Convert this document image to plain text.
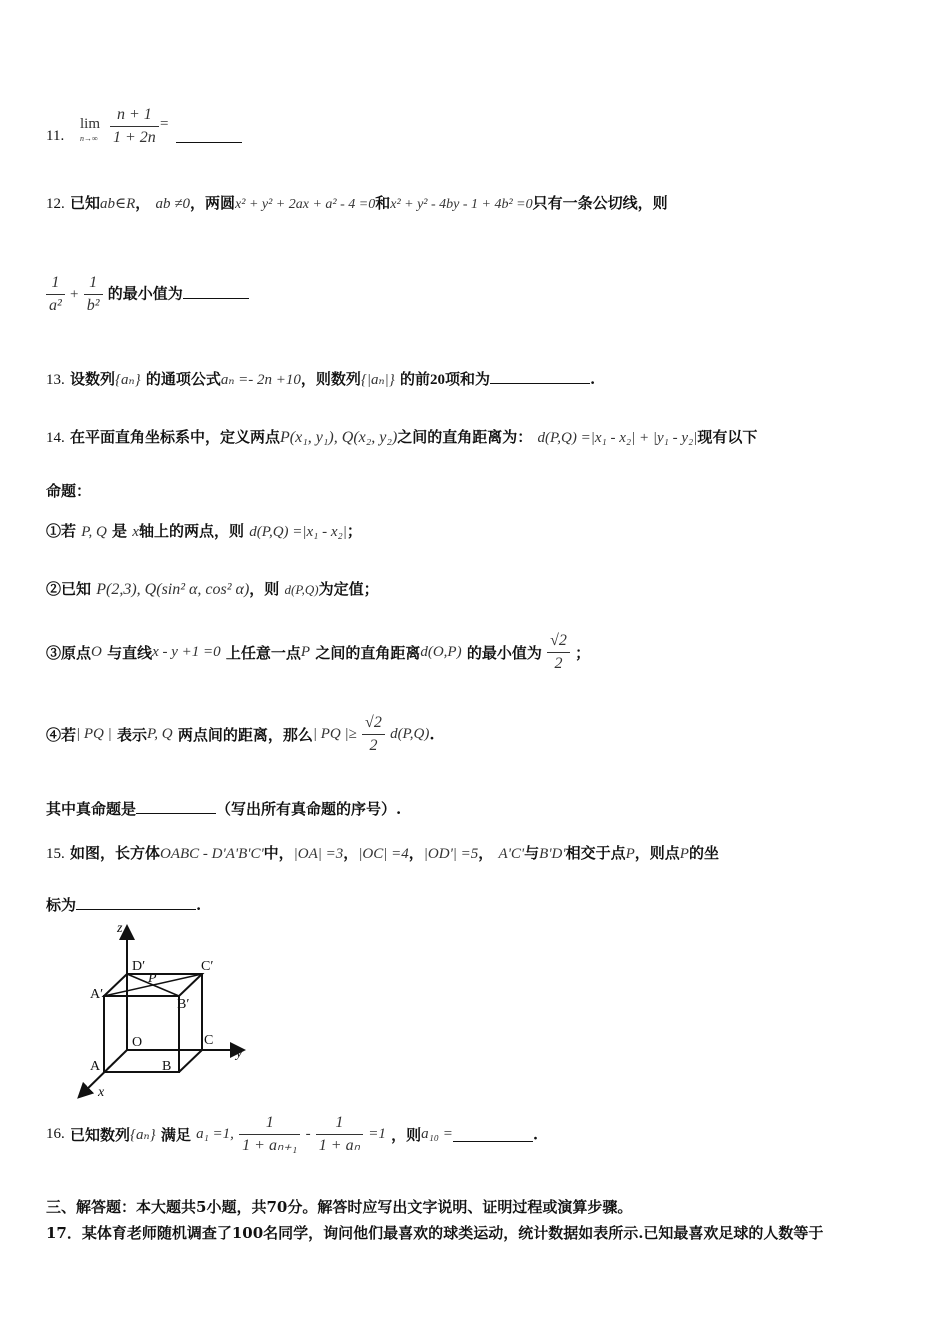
11.
lim
$n\to\infty \frac{n + 1}{1 + 2n}$ =
12. 已知ab∈R， ab ≠0，两圆x² + y² + 2ax + a² - 4 =0和x² + y² - 4by - 1 + 4b² =0只有一条公切线，则
$\frac{1}{\text{a²}} + \frac{1}{\text{b²}}$ 的最小值为
13. 设数列{aₙ} 的通项公式aₙ =- 2n +10，则数列{|aₙ|} 的前20项和为	.
14. 在平面直角坐标系中，定义两点P(x₁, y₁), Q(x₂, y₂)之间的直角距离为： d(P,Q) =|x₁ - x₂| + |y₁ - y₂|现有以下
命题：
①若 P, Q 是 x轴上的两点，则 d(P,Q) =|x₁ - x₂|；
②已知 P(2,3), Q(sin² α, cos² α)，则 d(P,Q)为定值；
③原点O 与直线x - y +1 =0 上任意一点P 之间的直角距离d(O,P) 的最小值为 $\frac{√2}{2}$ ；
④若| PQ | 表示P, Q 两点间的距离，那么| PQ |≥ $\frac{√2}{2} d(P,Q)$.
其中真命题是	（写出所有真命题的序号）.
15. 如图，长方体OABC - D'A'B'C'中，|OA| =3，|OC| =4，|OD'| =5， A'C'与B'D'相交于点P，则点P的坐
标为	.
z
y
x
D′
P
C′
A′
B′
O	C
A	B
16. 已知数列{aₙ} 满足 a₁ =1, $\frac{1}{\text{1 + aₙ₊₁}} - \frac{1}{\text{1 + aₙ}} =1$ ，则a₁₀ =	.
三、解答题：本大题共5小题，共70分。解答时应写出文字说明、证明过程或演算步骤。
17．某体育老师随机调查了100名同学，询问他们最喜欢的球类运动，统计数据如表所示.已知最喜欢足球的人数等于
